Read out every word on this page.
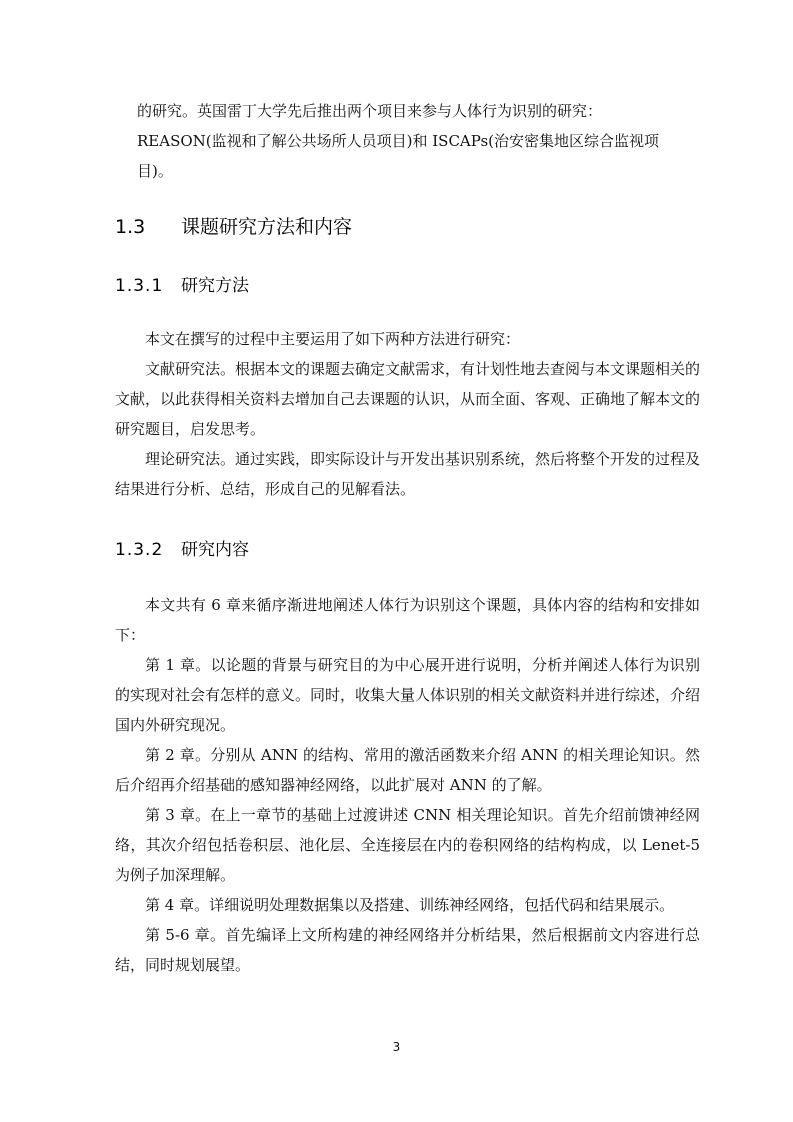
的研究。英国雷丁大学先后推出两个项目来参与人体行为识别的研究：

REASON(监视和了解公共场所人员项目)和 ISCAPs(治安密集地区综合监视项

目)。

1.3 课题研究方法和内容
1.3.1 研究方法

本文在撰写的过程中主要运用了如下两种方法进行研究：

文献研究法。根据本文的课题去确定文献需求，有计划性地去查阅与本文课题相关的文献，以此获得相关资料去增加自己去课题的认识，从而全面、客观、正确地了解本文的研究题目，启发思考。

理论研究法。通过实践，即实际设计与开发出基识别系统，然后将整个开发的过程及结果进行分析、总结，形成自己的见解看法。

1.3.2 研究内容

本文共有 6 章来循序渐进地阐述人体行为识别这个课题，具体内容的结构和安排如下：

第 1 章。以论题的背景与研究目的为中心展开进行说明，分析并阐述人体行为识别的实现对社会有怎样的意义。同时，收集大量人体识别的相关文献资料并进行综述，介绍国内外研究现况。

第 2 章。分别从 ANN 的结构、常用的激活函数来介绍 ANN 的相关理论知识。然后介绍再介绍基础的感知器神经网络，以此扩展对 ANN 的了解。

第 3 章。在上一章节的基础上过渡讲述 CNN 相关理论知识。首先介绍前馈神经网络，其次介绍包括卷积层、池化层、全连接层在内的卷积网络的结构构成，以 Lenet-5 为例子加深理解。

第 4 章。详细说明处理数据集以及搭建、训练神经网络，包括代码和结果展示。

第 5-6 章。首先编译上文所构建的神经网络并分析结果，然后根据前文内容进行总结，同时规划展望。

3
